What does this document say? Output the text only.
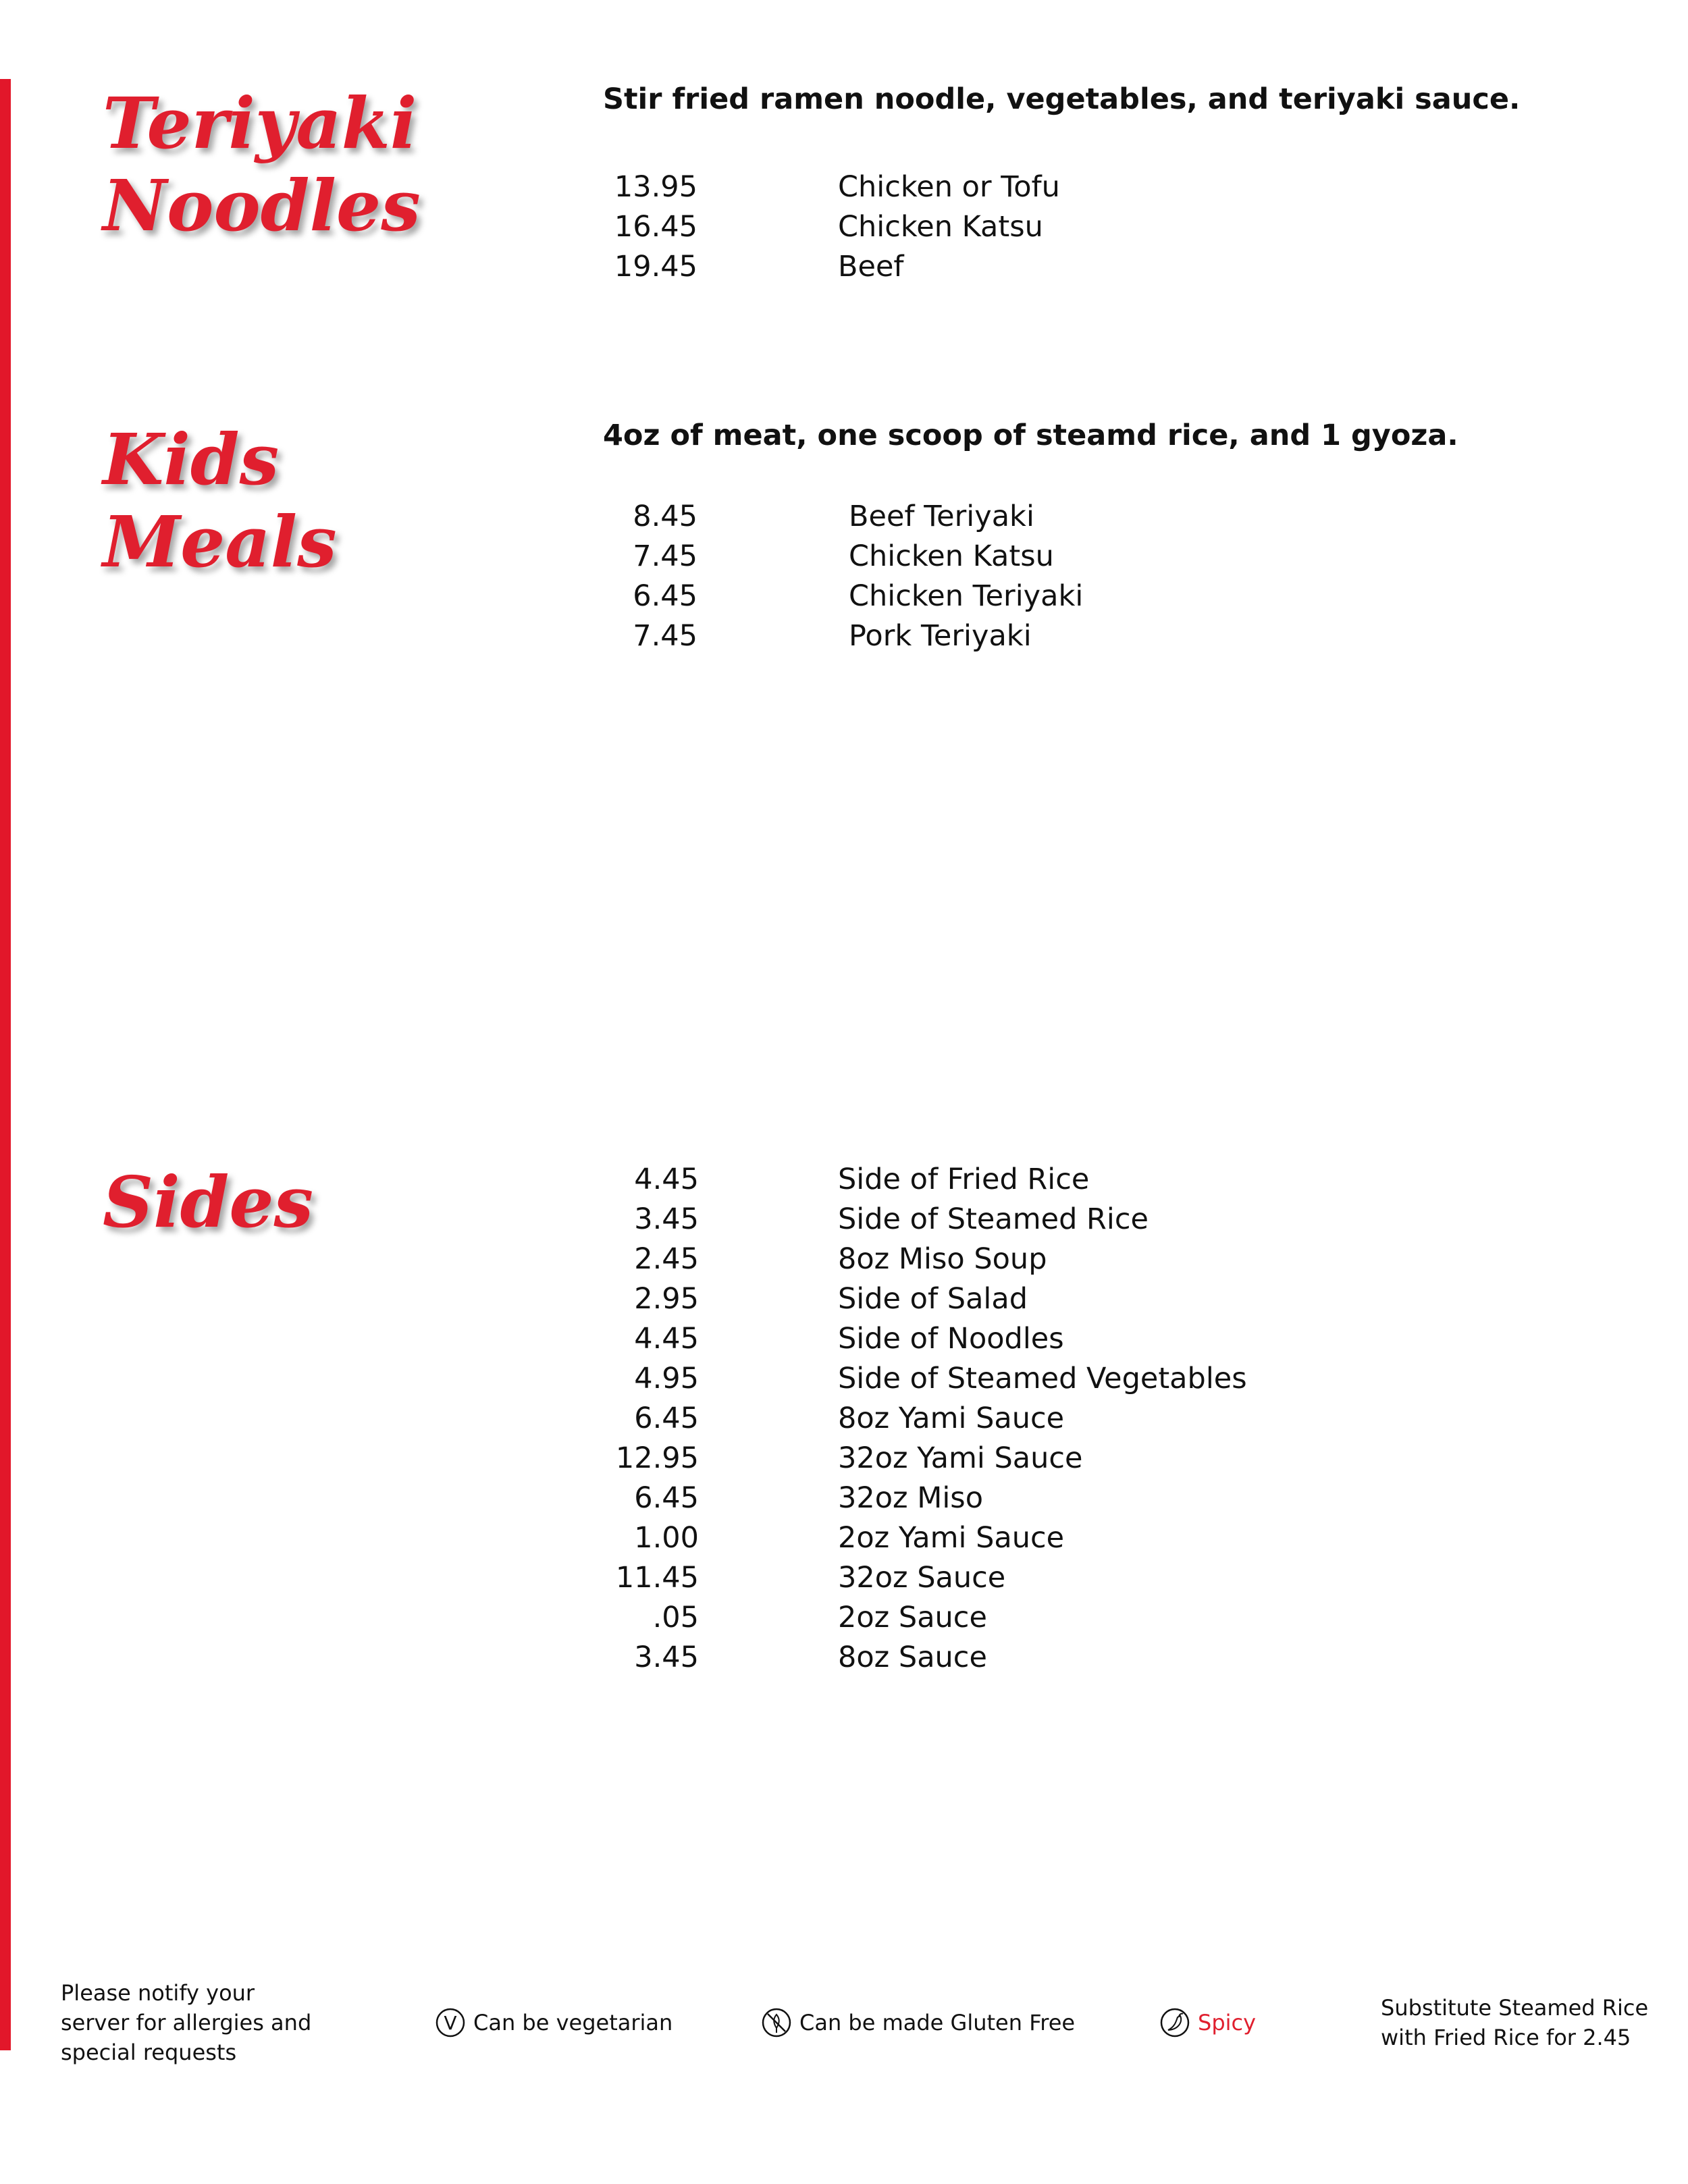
Teriyaki
Noodles

Stir fried ramen noodle, vegetables, and teriyaki sauce.

13.95	Chicken or Tofu
16.45	Chicken Katsu
19.45	Beef
Kids
Meals

4oz of meat, one scoop of steamd rice, and 1 gyoza.

8.45	Beef Teriyaki
7.45	Chicken Katsu
6.45	Chicken Teriyaki
7.45	Pork Teriyaki
Sides	4.45	Side of Fried Rice
3.45	Side of Steamed Rice
2.45	8oz Miso Soup
2.95	Side of Salad
4.45	Side of Noodles
4.95	Side of Steamed Vegetables
6.45	8oz Yami Sauce
12.95	32oz Yami Sauce
6.45	32oz Miso
1.00	2oz Yami Sauce
11.45	32oz Sauce
.05	2oz Sauce
3.45	8oz Sauce
Please notify your
server for allergies and
special requests
V Can be vegetarian	Can be made Gluten Free	Spicy
Substitute Steamed Rice
with Fried Rice for 2.45
